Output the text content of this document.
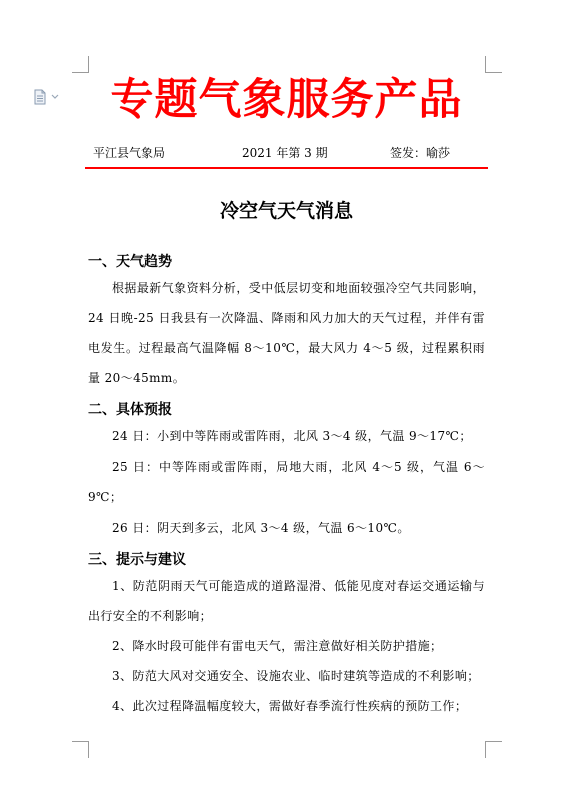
专题气象服务产品
平江县气象局	2021 年第 3 期	签发：喻莎
冷空气天气消息
一、天气趋势
根据最新气象资料分析，受中低层切变和地面较强冷空气共同影响，24 日晚-25 日我县有一次降温、降雨和风力加大的天气过程，并伴有雷电发生。过程最高气温降幅 8～10℃，最大风力 4～5 级，过程累积雨量 20～45mm。
二、具体预报
24 日：小到中等阵雨或雷阵雨，北风 3～4 级，气温 9～17℃；
25 日：中等阵雨或雷阵雨，局地大雨，北风 4～5 级，气温 6～9℃；
26 日：阴天到多云，北风 3～4 级，气温 6～10℃。
三、提示与建议
1、防范阴雨天气可能造成的道路湿滑、低能见度对春运交通运输与出行安全的不利影响；
2、降水时段可能伴有雷电天气，需注意做好相关防护措施；
3、防范大风对交通安全、设施农业、临时建筑等造成的不利影响；
4、此次过程降温幅度较大，需做好春季流行性疾病的预防工作；
